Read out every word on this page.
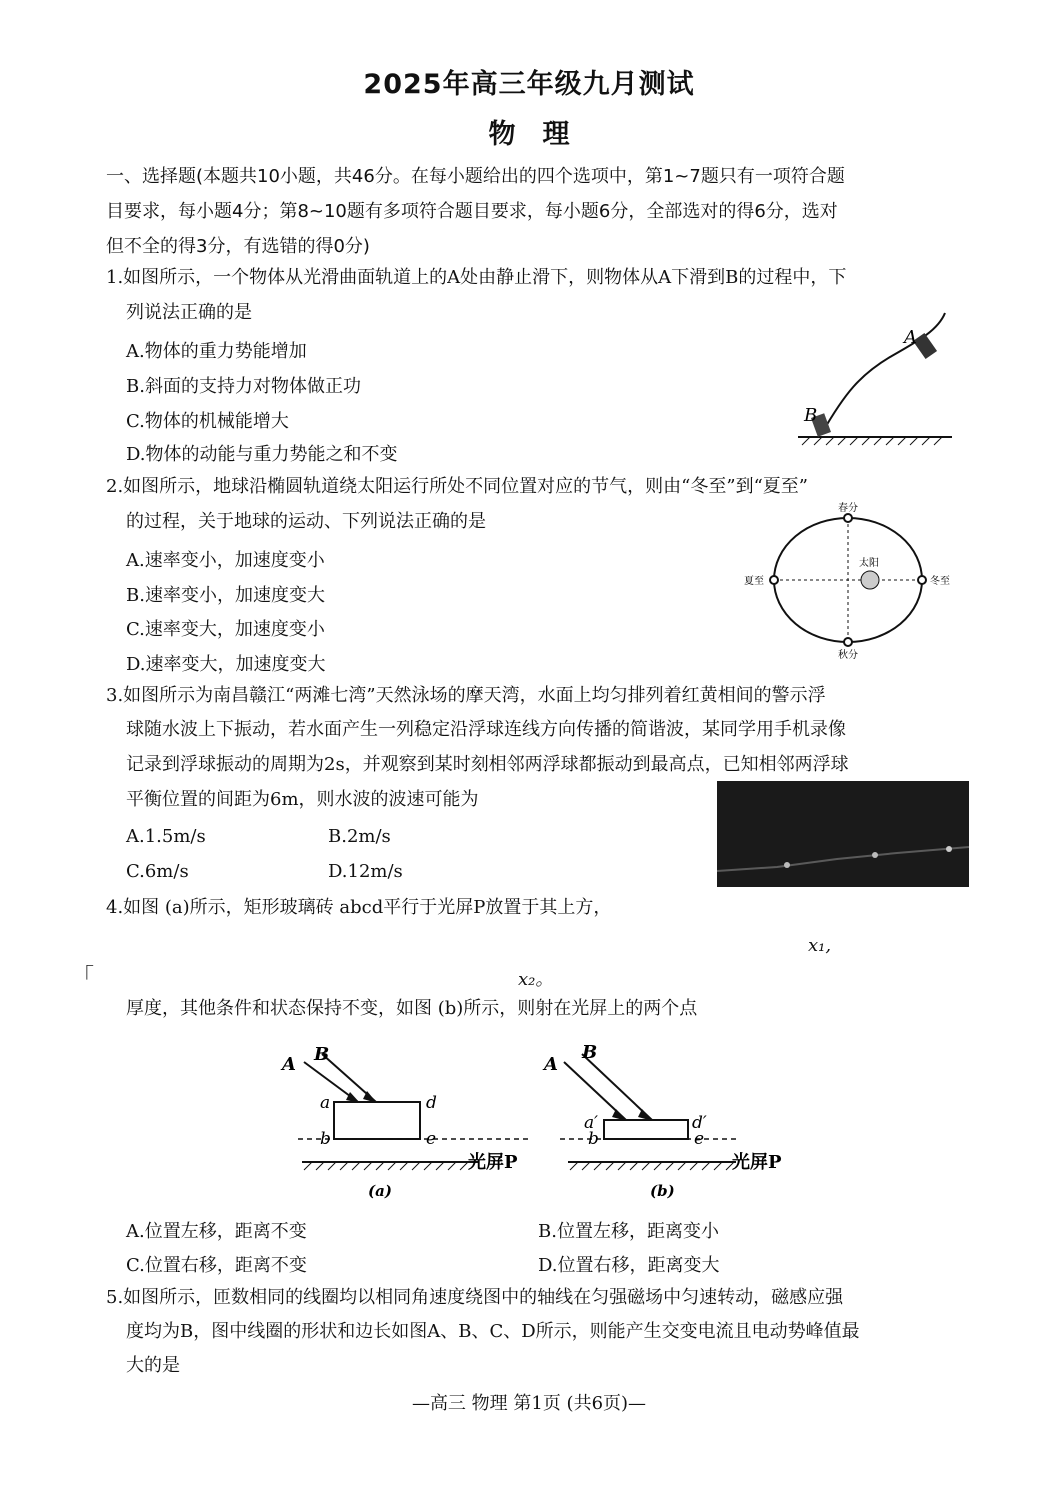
2025年高三年级九月测试
物　理
一、选择题(本题共10小题，共46分。在每小题给出的四个选项中，第1~7题只有一项符合题
目要求，每小题4分；第8~10题有多项符合题目要求，每小题6分，全部选对的得6分，选对
但不全的得3分，有选错的得0分)
1.如图所示，一个物体从光滑曲面轨道上的A处由静止滑下，则物体从A下滑到B的过程中，下
列说法正确的是
A.物体的重力势能增加
B.斜面的支持力对物体做正功
C.物体的机械能增大
D.物体的动能与重力势能之和不变
A
B
2.如图所示，地球沿椭圆轨道绕太阳运行所处不同位置对应的节气，则由“冬至”到“夏至”
的过程，关于地球的运动、下列说法正确的是
A.速率变小，加速度变小
B.速率变小，加速度变大
C.速率变大，加速度变小
D.速率变大，加速度变大
春分
秋分
夏至	冬至
太阳
3.如图所示为南昌赣江“两滩七湾”天然泳场的摩天湾，水面上均匀排列着红黄相间的警示浮
球随水波上下振动，若水面产生一列稳定沿浮球连线方向传播的简谐波，某同学用手机录像
记录到浮球振动的周期为2s，并观察到某时刻相邻两浮球都振动到最高点，已知相邻两浮球
平衡位置的间距为6m，则水波的波速可能为
A.1.5m/s	B.2m/s
C.6m/s	D.12m/s
4.如图 (a)所示，矩形玻璃砖 abcd平行于光屏P放置于其上方，
x₁,
「	x₂。
厚度，其他条件和状态保持不变，如图 (b)所示，则射在光屏上的两个点
A B
a	d
b	e
光屏P
(a)
A
B
a′	d′
b	e
光屏P
(b)
A.位置左移，距离不变	B.位置左移，距离变小
C.位置右移，距离不变	D.位置右移，距离变大
5.如图所示，匝数相同的线圈均以相同角速度绕图中的轴线在匀强磁场中匀速转动，磁感应强
度均为B，图中线圈的形状和边长如图A、B、C、D所示，则能产生交变电流且电动势峰值最
大的是
—高三 物理 第1页 (共6页)—
